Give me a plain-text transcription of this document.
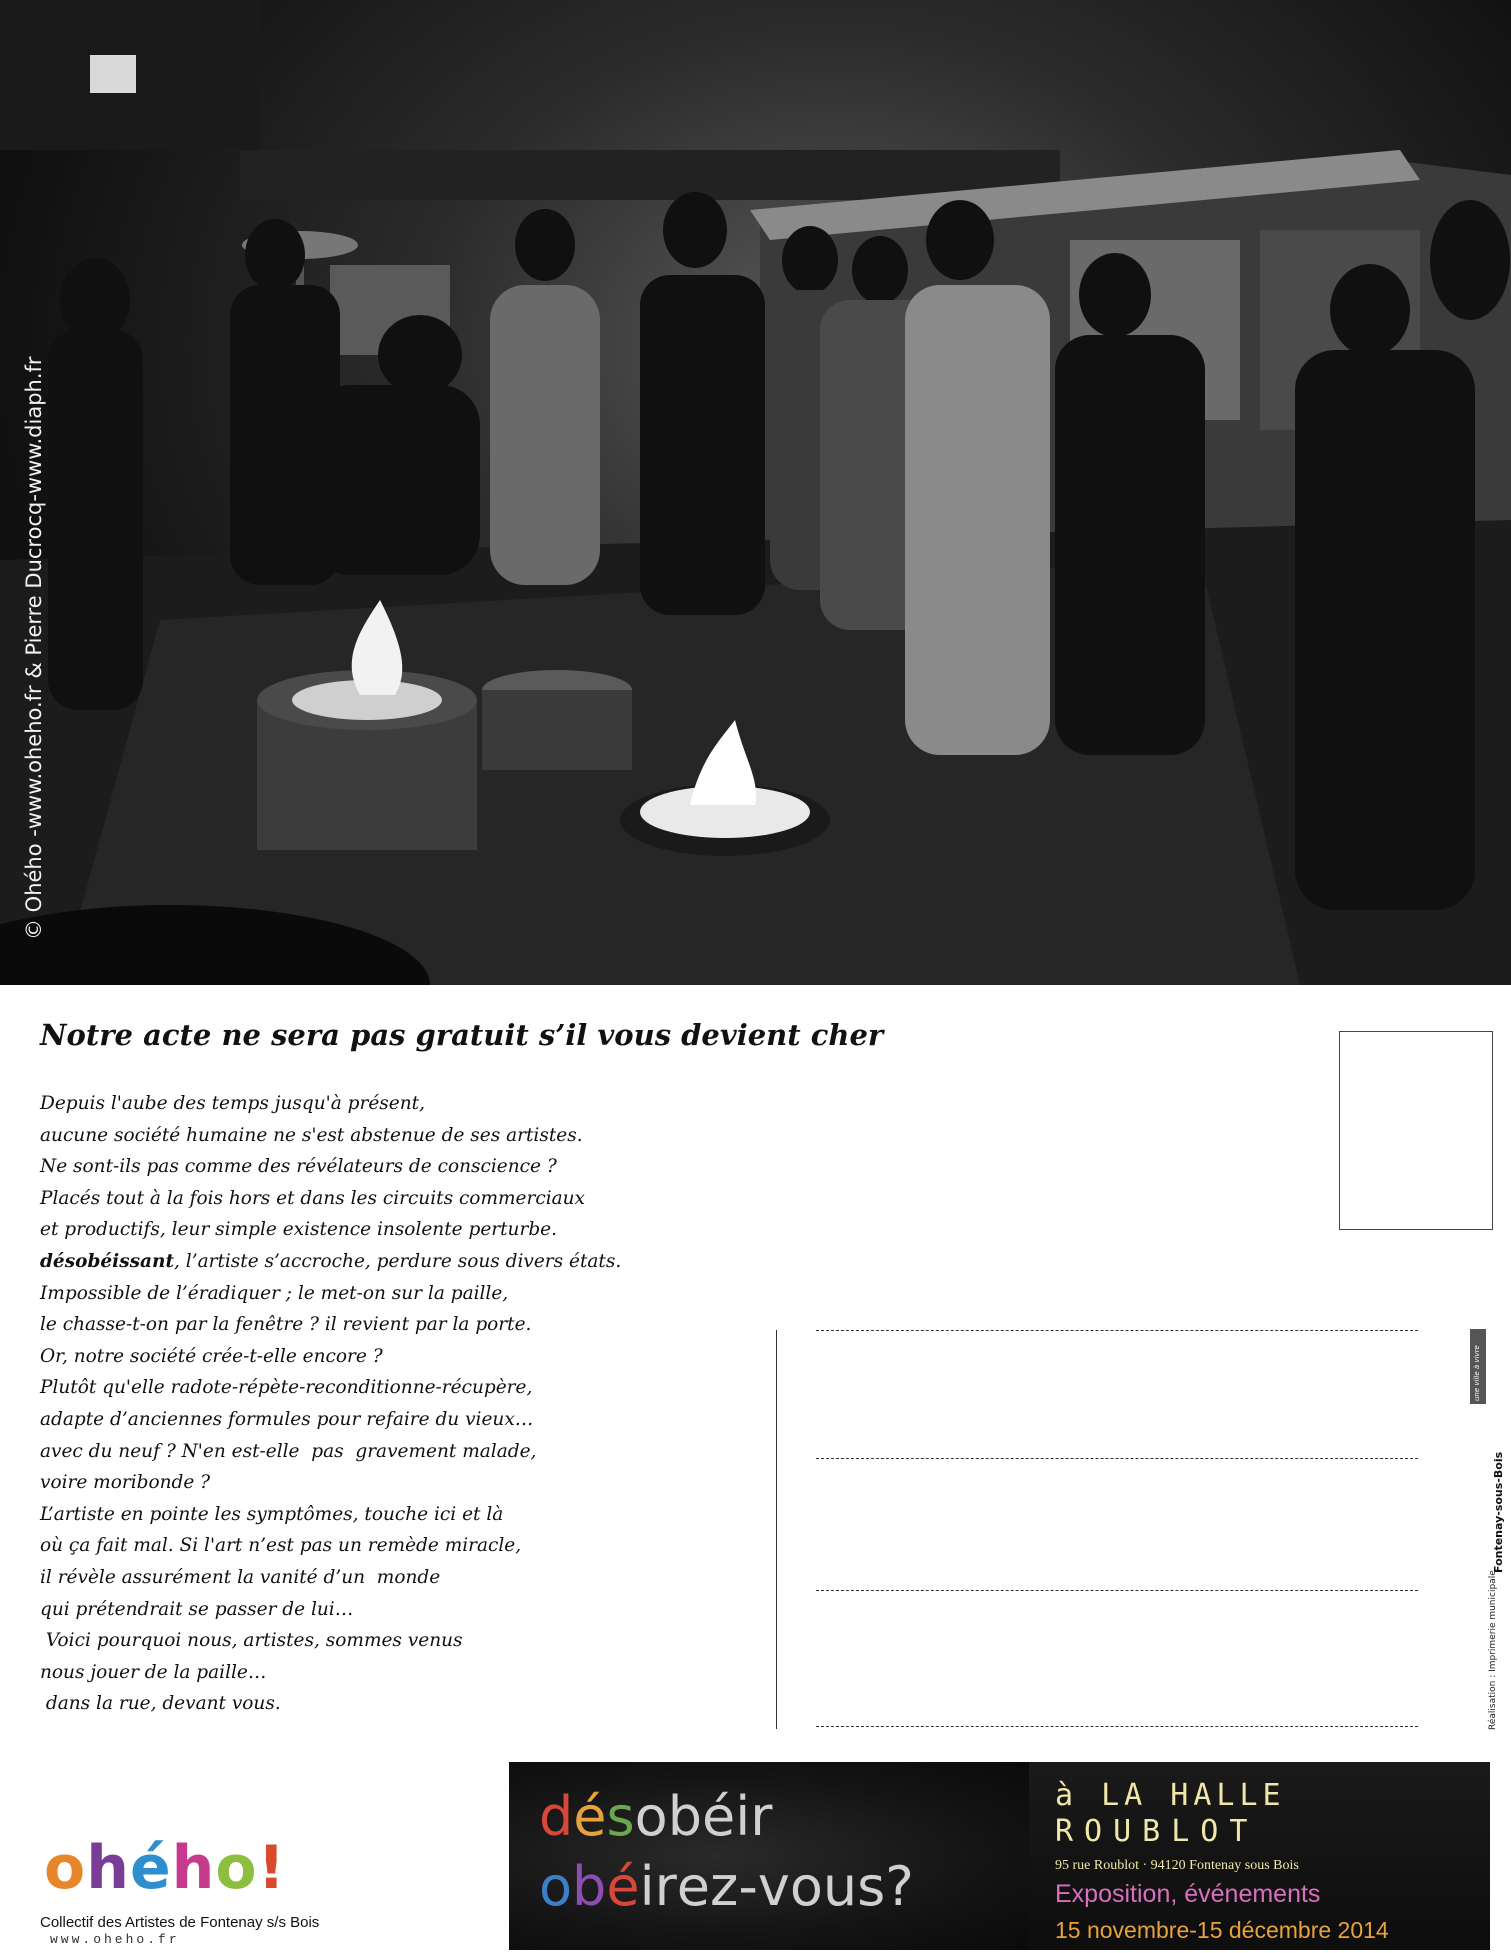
© Ohého -www.oheho.fr & Pierre Ducrocq-www.diaph.fr
Notre acte ne sera pas gratuit s’il vous devient cher
Depuis l'aube des temps jusqu'à présent,
aucune société humaine ne s'est abstenue de ses artistes.
Ne sont-ils pas comme des révélateurs de conscience ?
Placés tout à la fois hors et dans les circuits commerciaux
et productifs, leur simple existence insolente perturbe.
désobéissant, l’artiste s’accroche, perdure sous divers états.
Impossible de l’éradiquer ; le met-on sur la paille,
le chasse-t-on par la fenêtre ? il revient par la porte.
Or, notre société crée-t-elle encore ?
Plutôt qu'elle radote-répète-reconditionne-récupère,
adapte d’anciennes formules pour refaire du vieux…
avec du neuf ? N'en est-elle  pas  gravement malade,
voire moribonde ?
L’artiste en pointe les symptômes, touche ici et là
où ça fait mal. Si l'art n’est pas un remède miracle,
il révèle assurément la vanité d’un  monde
qui prétendrait se passer de lui…
Voici pourquoi nous, artistes, sommes venus
nous jouer de la paille…
dans la rue, devant vous.
une ville à vivre
Fontenay-sous-Bois
Réalisation : Imprimerie municipale
ohého!
Collectif des Artistes de Fontenay s/s Bois
www.oheho.fr
désobéir
obéirez-vous?
à LA HALLE
ROUBLOT
95 rue Roublot · 94120 Fontenay sous Bois
Exposition, événements
15 novembre-15 décembre 2014
